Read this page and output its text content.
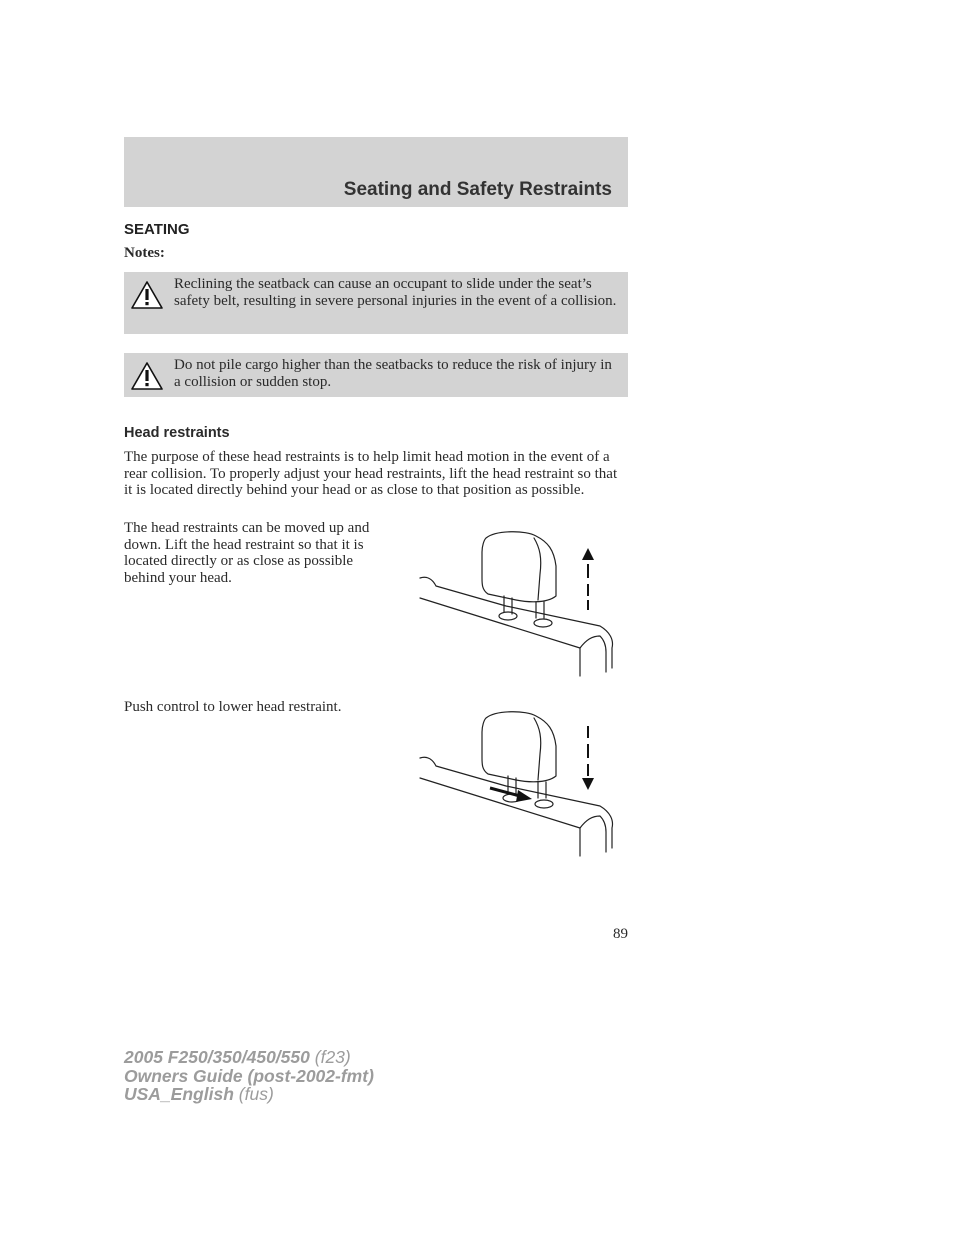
Seating and Safety Restraints
SEATING

Notes:

Reclining the seatback can cause an occupant to slide under the seat’s safety belt, resulting in severe personal injuries in the event of a collision.
Do not pile cargo higher than the seatbacks to reduce the risk of injury in a collision or sudden stop.
Head restraints

The purpose of these head restraints is to help limit head motion in the event of a rear collision. To properly adjust your head restraints, lift the head restraint so that it is located directly behind your head or as close to that position as possible.

The head restraints can be moved up and down. Lift the head restraint so that it is located directly or as close as possible behind your head.

Push control to lower head restraint.

89

2005 F250/350/450/550 (f23)
Owners Guide (post-2002-fmt)
USA_English (fus)
